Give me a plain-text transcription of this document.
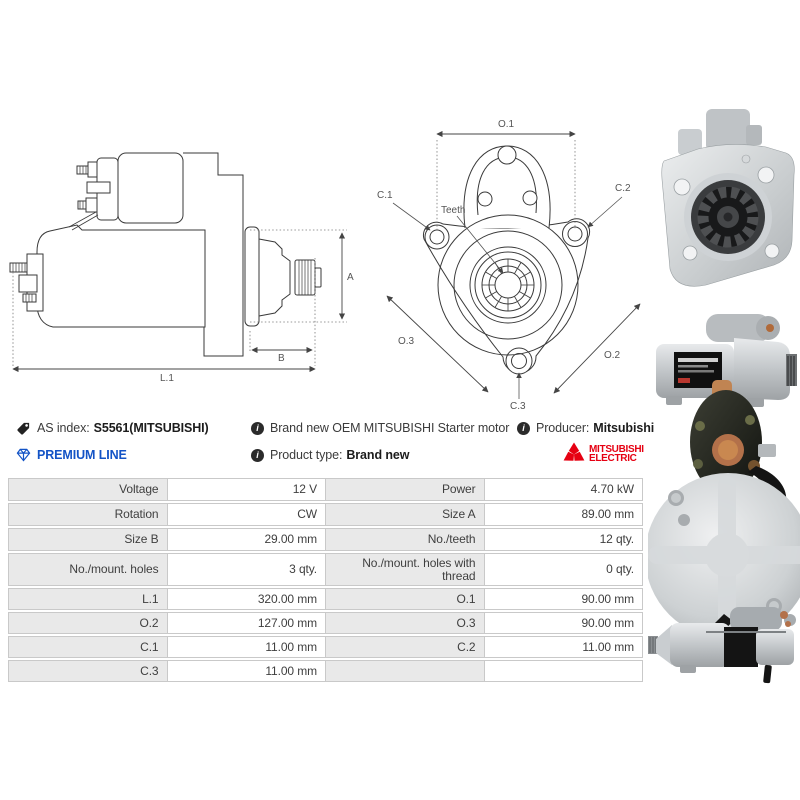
L.1
A
B
O.1
Teeth
C.1
C.2
C.3
O.3
O.2
AS index: S5561(MITSUBISHI)	i Brand new OEM MITSUBISHI Starter motor	i Producer: Mitsubishi
PREMIUM LINE	i Product type: Brand new	MITSUBISHI
ELECTRIC
Voltage	12 V	Power	4.70 kW
Rotation	CW	Size A	89.00 mm
Size B	29.00 mm	No./teeth	12 qty.
No./mount. holes	3 qty.	No./mount. holes with thread	0 qty.
L.1	320.00 mm	O.1	90.00 mm
O.2	127.00 mm	O.3	90.00 mm
C.1	11.00 mm	C.2	11.00 mm
C.3	11.00 mm
